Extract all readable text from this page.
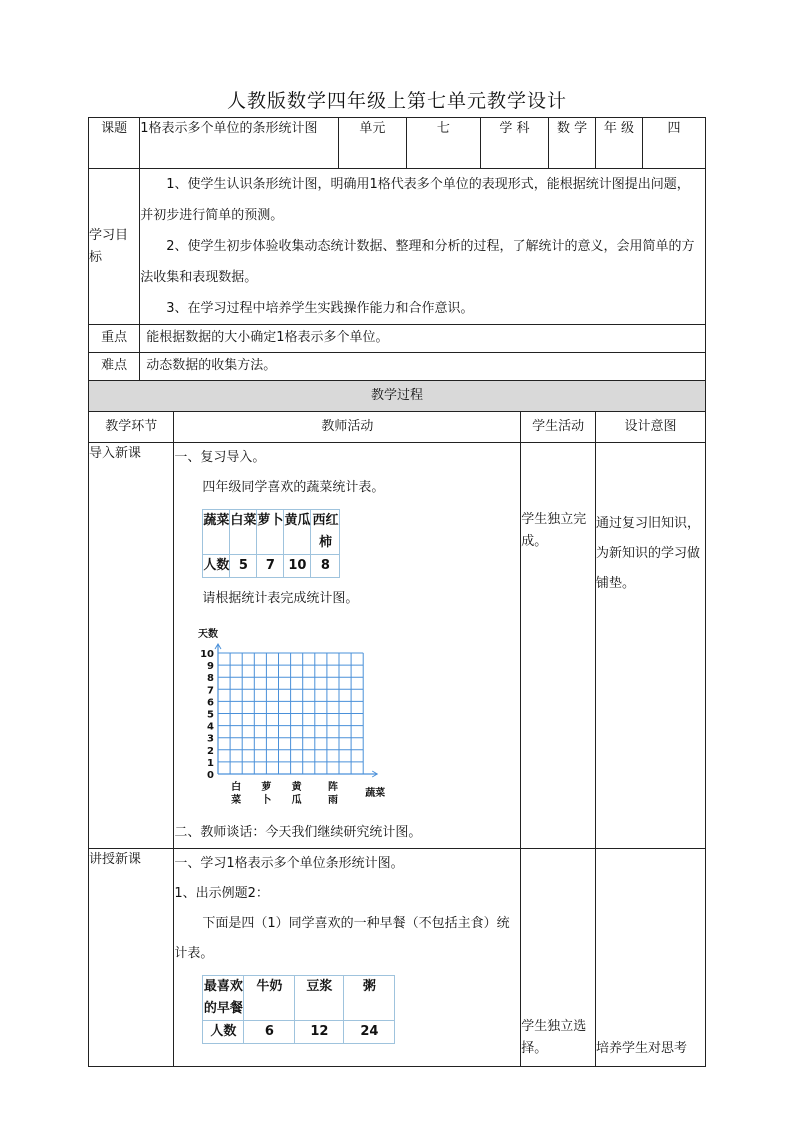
人教版数学四年级上第七单元教学设计
课题	1格表示多个单位的条形统计图	单元	七	学 科	数 学	年 级	四
学习目标	

1、使学生认识条形统计图，明确用1格代表多个单位的表现形式，能根据统计图提出问题，并初步进行简单的预测。

2、使学生初步体验收集动态统计数据、整理和分析的过程，了解统计的意义，会用简单的方法收集和表现数据。

3、在学习过程中培养学生实践操作能力和合作意识。

重点	能根据数据的大小确定1格表示多个单位。
难点	动态数据的收集方法。
教学过程
教学环节	教师活动	学生活动	设计意图
导入新课	一、复习导入。
四年级同学喜欢的蔬菜统计表。
蔬菜	白菜	萝卜	黄瓜	西红柿
人数	5	7	10	8
请根据统计表完成统计图。
0
1
2
3
4
5
6
7
8
9
10
天数
白
菜
萝
卜
黄
瓜
阵
雨
蔬菜
二、教师谈话：今天我们继续研究统计图。
	学生独立完成。	通过复习旧知识，为新知识的学习做铺垫。
讲授新课	一、学习1格表示多个单位条形统计图。
1、出示例题2：
下面是四（1）同学喜欢的一种早餐（不包括主食）统计表。
最喜欢的早餐	牛奶	豆浆	粥
人数	6	12	24
		学生独立选择。	培养学生对思考
